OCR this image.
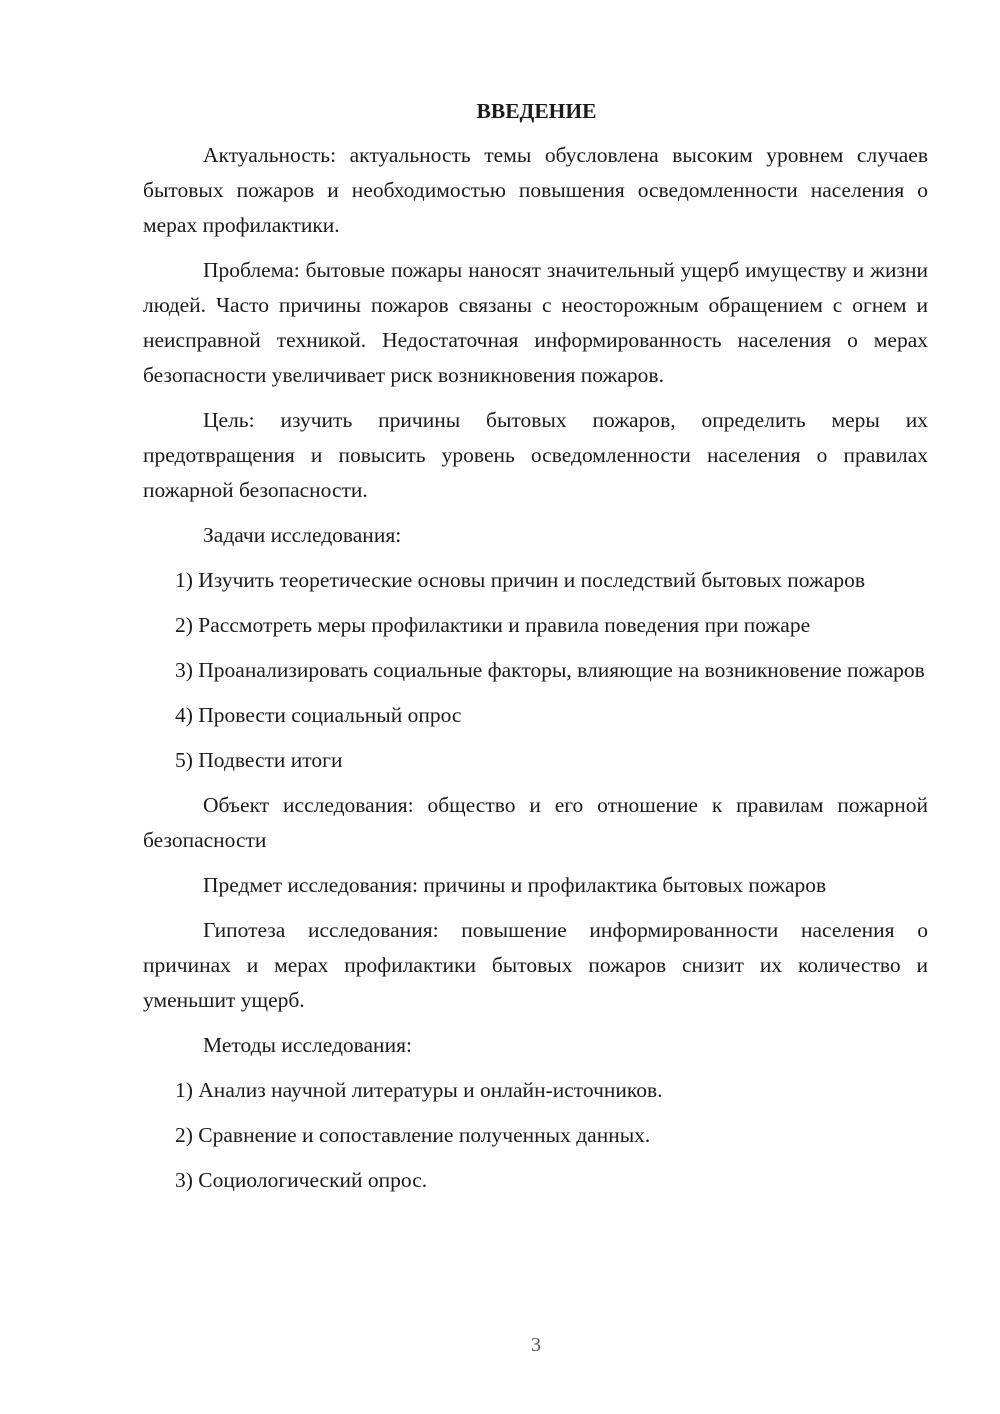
ВВЕДЕНИЕ

Актуальность: актуальность темы обусловлена высоким уровнем случаев бытовых пожаров и необходимостью повышения осведомленности населения о мерах профилактики.

Проблема: бытовые пожары наносят значительный ущерб имуществу и жизни людей. Часто причины пожаров связаны с неосторожным обращением с огнем и неисправной техникой. Недостаточная информированность населения о мерах безопасности увеличивает риск возникновения пожаров.

Цель: изучить причины бытовых пожаров, определить меры их предотвращения и повысить уровень осведомленности населения о правилах пожарной безопасности.

Задачи исследования:

1) Изучить теоретические основы причин и последствий бытовых пожаров

2) Рассмотреть меры профилактики и правила поведения при пожаре

3) Проанализировать социальные факторы, влияющие на возникновение пожаров

4) Провести социальный опрос

5) Подвести итоги

Объект исследования: общество и его отношение к правилам пожарной безопасности

Предмет исследования: причины и профилактика бытовых пожаров

Гипотеза исследования: повышение информированности населения о причинах и мерах профилактики бытовых пожаров снизит их количество и уменьшит ущерб.

Методы исследования:

1) Анализ научной литературы и онлайн-источников.

2) Сравнение и сопоставление полученных данных.

3) Социологический опрос.

3
